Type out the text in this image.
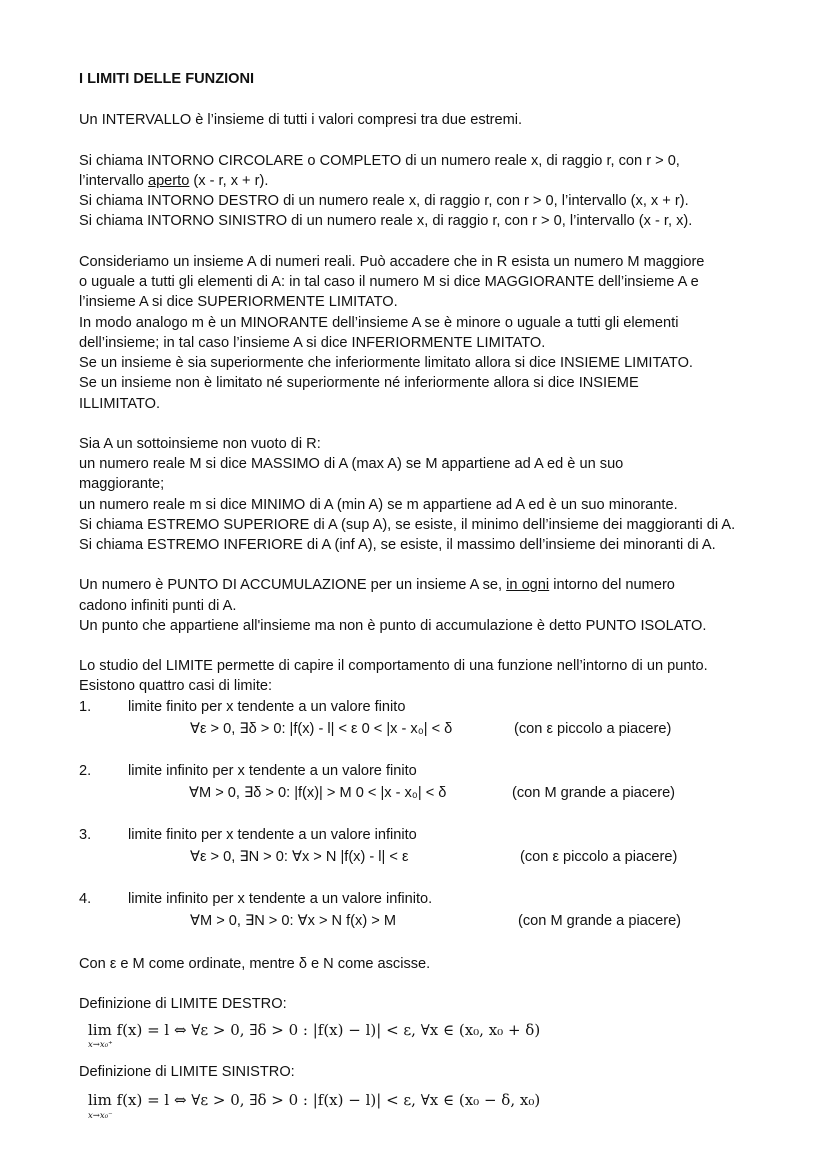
I LIMITI DELLE FUNZIONI
Un INTERVALLO è l’insieme di tutti i valori compresi tra due estremi.
Si chiama INTORNO CIRCOLARE o COMPLETO di un numero reale x, di raggio r, con r > 0,
l’intervallo aperto (x - r, x + r).
Si chiama INTORNO DESTRO di un numero reale x, di raggio r, con r > 0, l’intervallo (x, x + r).
Si chiama INTORNO SINISTRO di un numero reale x, di raggio r, con r > 0, l’intervallo (x - r, x).
Consideriamo un insieme A di numeri reali. Può accadere che in R esista un numero M maggiore
o uguale a tutti gli elementi di A: in tal caso il numero M si dice MAGGIORANTE dell’insieme A e
l’insieme A si dice SUPERIORMENTE LIMITATO.
In modo analogo m è un MINORANTE dell’insieme A se è minore o uguale a tutti gli elementi
dell’insieme; in tal caso l’insieme A si dice INFERIORMENTE LIMITATO.
Se un insieme è sia superiormente che inferiormente limitato allora si dice INSIEME LIMITATO.
Se un insieme non è limitato né superiormente né inferiormente allora si dice INSIEME
ILLIMITATO.
Sia A un sottoinsieme non vuoto di R:
un numero reale M si dice MASSIMO di A (max A) se M appartiene ad A ed è un suo
maggiorante;
un numero reale m si dice MINIMO di A (min A) se m appartiene ad A ed è un suo minorante.
Si chiama ESTREMO SUPERIORE di A (sup A), se esiste, il minimo dell’insieme dei maggioranti di A.
Si chiama ESTREMO INFERIORE di A (inf A), se esiste, il massimo dell’insieme dei minoranti di A.
Un numero è PUNTO DI ACCUMULAZIONE per un insieme A se, in ogni intorno del numero
cadono infiniti punti di A.
Un punto che appartiene all'insieme ma non è punto di accumulazione è detto PUNTO ISOLATO.
Lo studio del LIMITE permette di capire il comportamento di una funzione nell’intorno di un punto.
Esistono quattro casi di limite:
1.	limite finito per x tendente a un valore finito
∀ε > 0, ∃δ > 0: |f(x) - l| < ε 0 < |x - x₀| < δ	(con ε piccolo a piacere)
2.	limite infinito per x tendente a un valore finito
∀M > 0, ∃δ > 0: |f(x)| > M 0 < |x - x₀| < δ	(con M grande a piacere)
3.	limite finito per x tendente a un valore infinito
∀ε > 0, ∃N > 0: ∀x > N |f(x) - l| < ε	(con ε piccolo a piacere)
4.	limite infinito per x tendente a un valore infinito.
∀M > 0, ∃N > 0: ∀x > N f(x) > M	(con M grande a piacere)
Con ε e M come ordinate, mentre δ e N come ascisse.
Definizione di LIMITE DESTRO:
lim f(x) = l ⇔ ∀ε > 0, ∃δ > 0 : |f(x) − l)| < ε, ∀x ∈ (x₀, x₀ + δ)
x→x₀⁺
Definizione di LIMITE SINISTRO:
lim f(x) = l ⇔ ∀ε > 0, ∃δ > 0 : |f(x) − l)| < ε, ∀x ∈ (x₀ − δ, x₀)
x→x₀⁻
